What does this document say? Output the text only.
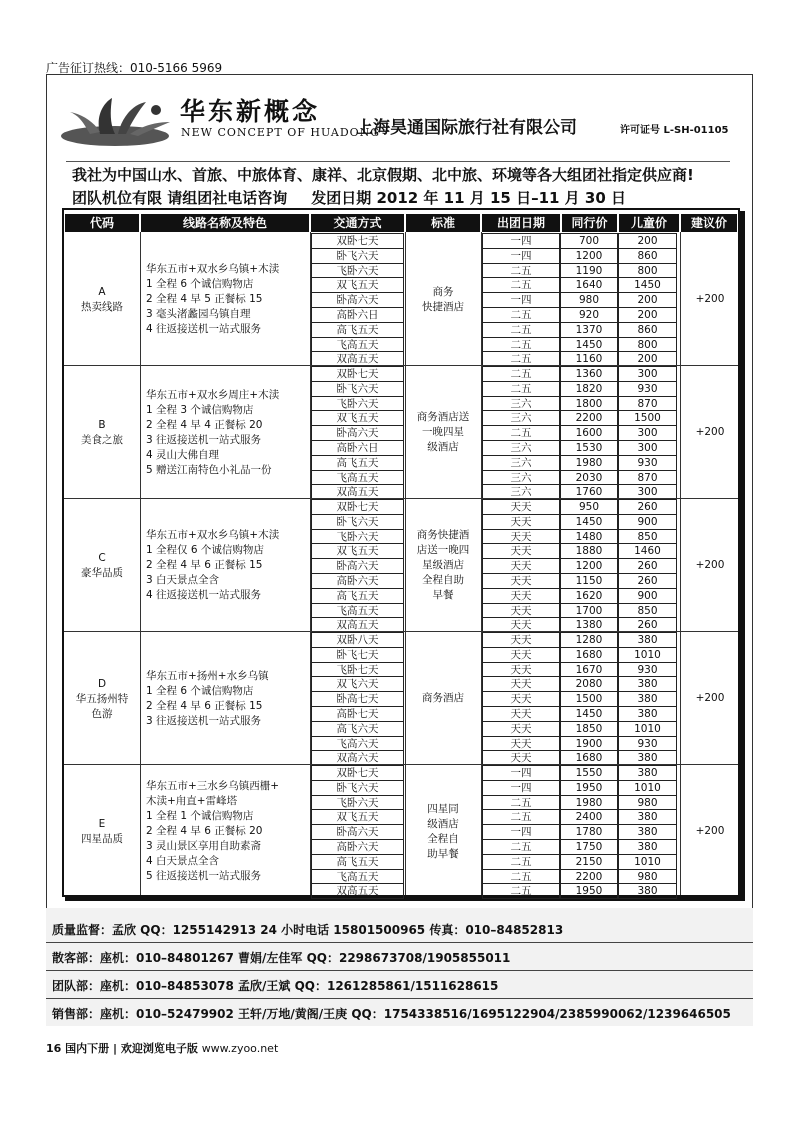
广告征订热线：010-5166 5969
华东新概念
NEW CONCEPT OF HUADONG
上海昊通国际旅行社有限公司	许可证号 L-SH-01105
我社为中国山水、首旅、中旅体育、康祥、北京假期、北中旅、环境等各大组团社指定供应商!
团队机位有限 请组团社电话咨询 发团日期 2012 年 11 月 15 日–11 月 30 日
代码	线路名称及特色	交通方式	标准	出团日期	同行价	儿童价	建议价
A
热卖线路
华东五市+双水乡乌镇+木渎
1 全程 6 个诚信购物店
2 全程 4 早 5 正餐标 15
3 毫头渚蠡园乌镇自理
4 往返接送机一站式服务
商务
快捷酒店
+200
双卧七天	一四	700	200
卧飞六天	一四	1200	860
飞卧六天	二五	1190	800
双飞五天	二五	1640	1450
卧高六天	一四	980	200
高卧六日	二五	920	200
高飞五天	二五	1370	860
飞高五天	二五	1450	800
双高五天	二五	1160	200
B
美食之旅
华东五市+双水乡周庄+木渎
1 全程 3 个诚信购物店
2 全程 4 早 4 正餐标 20
3 往返接送机一站式服务
4 灵山大佛自理
5 赠送江南特色小礼品一份
商务酒店送
一晚四星
级酒店
+200
双卧七天	二五	1360	300
卧飞六天	二五	1820	930
飞卧六天	三六	1800	870
双飞五天	三六	2200	1500
卧高六天	二五	1600	300
高卧六日	三六	1530	300
高飞五天	三六	1980	930
飞高五天	三六	2030	870
双高五天	三六	1760	300
C
豪华品质
华东五市+双水乡乌镇+木渎
1 全程仅 6 个诚信购物店
2 全程 4 早 6 正餐标 15
3 白天景点全含
4 往返接送机一站式服务
商务快捷酒
店送一晚四
星级酒店
全程自助
早餐
+200
双卧七天	天天	950	260
卧飞六天	天天	1450	900
飞卧六天	天天	1480	850
双飞五天	天天	1880	1460
卧高六天	天天	1200	260
高卧六天	天天	1150	260
高飞五天	天天	1620	900
飞高五天	天天	1700	850
双高五天	天天	1380	260
D
华五扬州特色游
华东五市+扬州+水乡乌镇
1 全程 6 个诚信购物店
2 全程 4 早 6 正餐标 15
3 往返接送机一站式服务
商务酒店	+200
双卧八天	天天	1280	380
卧飞七天	天天	1680	1010
飞卧七天	天天	1670	930
双飞六天	天天	2080	380
卧高七天	天天	1500	380
高卧七天	天天	1450	380
高飞六天	天天	1850	1010
飞高六天	天天	1900	930
双高六天	天天	1680	380
E
四星品质
华东五市+三水乡乌镇西栅+
木渎+甪直+雷峰塔
1 全程 1 个诚信购物店
2 全程 4 早 6 正餐标 20
3 灵山景区享用自助素斋
4 白天景点全含
5 往返接送机一站式服务
四星同
级酒店
全程自
助早餐
+200
双卧七天	一四	1550	380
卧飞六天	一四	1950	1010
飞卧六天	二五	1980	980
双飞五天	二五	2400	380
卧高六天	一四	1780	380
高卧六天	二五	1750	380
高飞五天	二五	2150	1010
飞高五天	二五	2200	980
双高五天	二五	1950	380
质量监督：孟欣 QQ：1255142913 24 小时电话 15801500965 传真：010–84852813
散客部：座机：010–84801267 曹娟/左佳军 QQ：2298673708/1905855011
团队部：座机：010–84853078 孟欣/王斌 QQ：1261285861/1511628615
销售部：座机：010–52479902 王轩/万地/黄阁/王庚 QQ：1754338516/1695122904/2385990062/1239646505
16 国内下册 | 欢迎浏览电子版 www.zyoo.net
